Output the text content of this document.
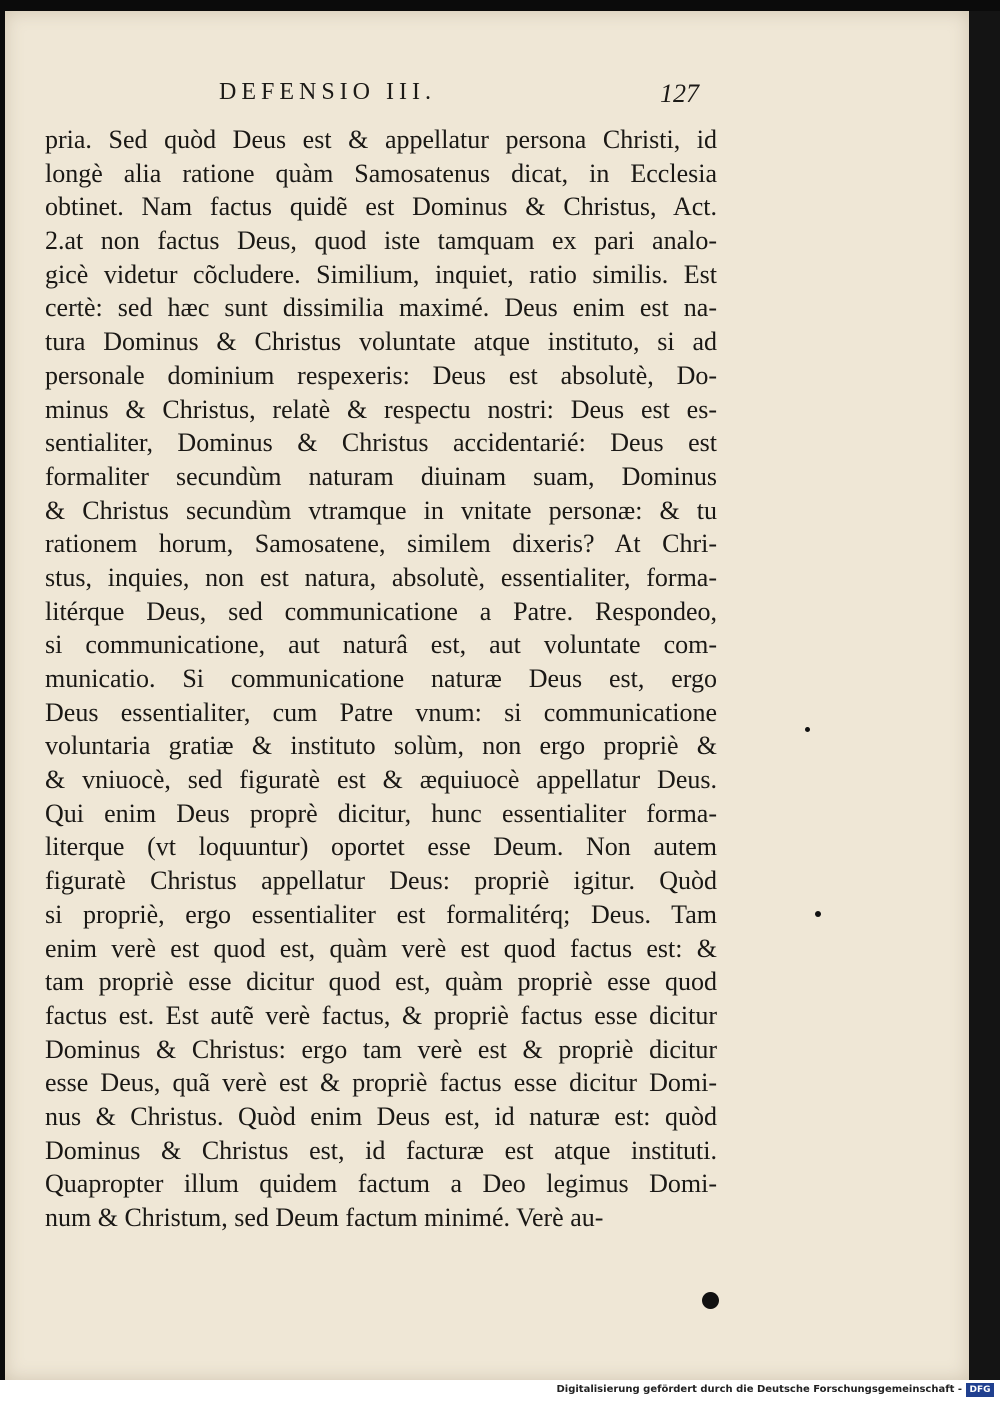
DEFENSIO III.	127
pria. Sed quòd Deus est & appellatur persona Christi, id
longè alia ratione quàm Samosatenus dicat, in Ecclesia
obtinet. Nam factus quidẽ est Dominus & Christus, Act.
2.at non factus Deus, quod iste tamquam ex pari analo-
gicè videtur cõcludere. Similium, inquiet, ratio similis. Est
certè: sed hæc sunt dissimilia maximé. Deus enim est na-
tura Dominus & Christus voluntate atque instituto, si ad
personale dominium respexeris: Deus est absolutè, Do-
minus & Christus, relatè & respectu nostri: Deus est es-
sentialiter, Dominus & Christus accidentarié: Deus est
formaliter secundùm naturam diuinam suam, Dominus
& Christus secundùm vtramque in vnitate personæ: & tu
rationem horum, Samosatene, similem dixeris? At Chri-
stus, inquies, non est natura, absolutè, essentialiter, forma-
litérque Deus, sed communicatione a Patre. Respondeo,
si communicatione, aut naturâ est, aut voluntate com-
municatio. Si communicatione naturæ Deus est, ergo
Deus essentialiter, cum Patre vnum: si communicatione
voluntaria gratiæ & instituto solùm, non ergo propriè &
& vniuocè, sed figuratè est & æquiuocè appellatur Deus.
Qui enim Deus proprè dicitur, hunc essentialiter forma-
literque (vt loquuntur) oportet esse Deum. Non autem
figuratè Christus appellatur Deus: propriè igitur. Quòd
si propriè, ergo essentialiter est formalitérq; Deus. Tam
enim verè est quod est, quàm verè est quod factus est: &
tam propriè esse dicitur quod est, quàm propriè esse quod
factus est. Est autẽ verè factus, & propriè factus esse dicitur
Dominus & Christus: ergo tam verè est & propriè dicitur
esse Deus, quã verè est & propriè factus esse dicitur Domi-
nus & Christus. Quòd enim Deus est, id naturæ est: quòd
Dominus & Christus est, id facturæ est atque instituti.
Quapropter illum quidem factum a Deo legimus Domi-
num & Christum, sed Deum factum minimé. Verè au-
Digitalisierung gefördert durch die Deutsche Forschungsgemeinschaft - DFG
